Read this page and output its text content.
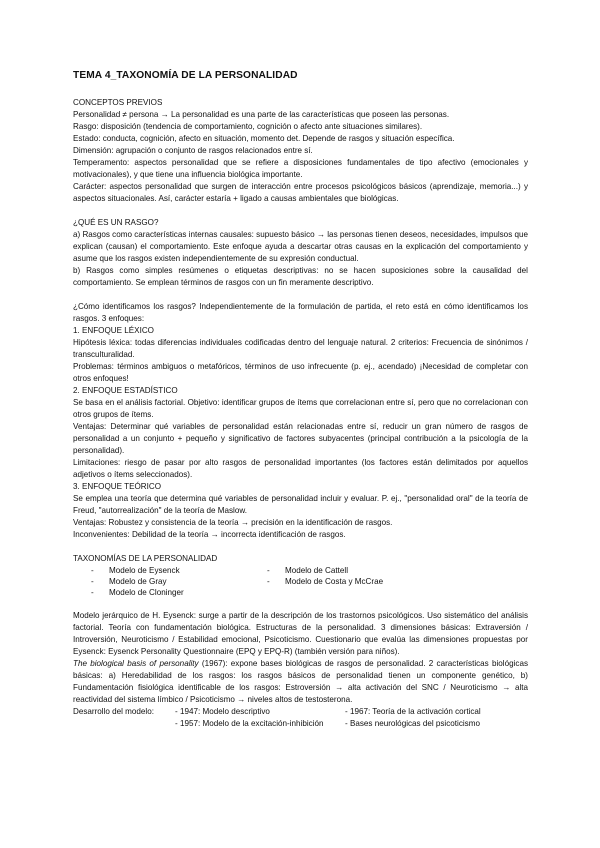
TEMA 4_TAXONOMÍA DE LA PERSONALIDAD

CONCEPTOS PREVIOS

Personalidad ≠ persona → La personalidad es una parte de las características que poseen las personas.

Rasgo: disposición (tendencia de comportamiento, cognición o afecto ante situaciones similares).

Estado: conducta, cognición, afecto en situación, momento det. Depende de rasgos y situación específica.

Dimensión: agrupación o conjunto de rasgos relacionados entre sí.

Temperamento: aspectos personalidad que se refiere a disposiciones fundamentales de tipo afectivo (emocionales y motivacionales), y que tiene una influencia biológica importante.

Carácter: aspectos personalidad que surgen de interacción entre procesos psicológicos básicos (aprendizaje, memoria...) y aspectos situacionales. Así, carácter estaría + ligado a causas ambientales que biológicas.

¿QUÉ ES UN RASGO?

a) Rasgos como características internas causales: supuesto básico → las personas tienen deseos, necesidades, impulsos que explican (causan) el comportamiento. Este enfoque ayuda a descartar otras causas en la explicación del comportamiento y asume que los rasgos existen independientemente de su expresión conductual.

b) Rasgos como simples resúmenes o etiquetas descriptivas: no se hacen suposiciones sobre la causalidad del comportamiento. Se emplean términos de rasgos con un fin meramente descriptivo.

¿Cómo identificamos los rasgos? Independientemente de la formulación de partida, el reto está en cómo identificamos los rasgos. 3 enfoques:

1. ENFOQUE LÉXICO

Hipótesis léxica: todas diferencias individuales codificadas dentro del lenguaje natural. 2 criterios: Frecuencia de sinónimos / transculturalidad.

Problemas: términos ambiguos o metafóricos, términos de uso infrecuente (p. ej., acendado) ¡Necesidad de completar con otros enfoques!

2. ENFOQUE ESTADÍSTICO

Se basa en el análisis factorial. Objetivo: identificar grupos de ítems que correlacionan entre sí, pero que no correlacionan con otros grupos de ítems.

Ventajas: Determinar qué variables de personalidad están relacionadas entre sí, reducir un gran número de rasgos de personalidad a un conjunto + pequeño y significativo de factores subyacentes (principal contribución a la psicología de la personalidad).

Limitaciones: riesgo de pasar por alto rasgos de personalidad importantes (los factores están delimitados por aquellos adjetivos o ítems seleccionados).

3. ENFOQUE TEÓRICO

Se emplea una teoría que determina qué variables de personalidad incluir y evaluar. P. ej., "personalidad oral" de la teoría de Freud, "autorrealización" de la teoría de Maslow.

Ventajas: Robustez y consistencia de la teoría → precisión en la identificación de rasgos.

Inconvenientes: Debilidad de la teoría → incorrecta identificación de rasgos.

TAXONOMÍAS DE LA PERSONALIDAD

- Modelo de Eysenck	- Modelo de Cattell
- Modelo de Gray	- Modelo de Costa y McCrae
- Modelo de Cloninger

Modelo jerárquico de H. Eysenck: surge a partir de la descripción de los trastornos psicológicos. Uso sistemático del análisis factorial. Teoría con fundamentación biológica. Estructuras de la personalidad. 3 dimensiones básicas: Extraversión / Introversión, Neuroticismo / Estabilidad emocional, Psicoticismo. Cuestionario que evalúa las dimensiones propuestas por Eysenck: Eysenck Personality Questionnaire (EPQ y EPQ-R) (también versión para niños).

The biological basis of personality (1967): expone bases biológicas de rasgos de personalidad. 2 características biológicas básicas: a) Heredabilidad de los rasgos: los rasgos básicos de personalidad tienen un componente genético, b) Fundamentación fisiológica identificable de los rasgos: Estroversión → alta activación del SNC / Neuroticismo → alta reactividad del sistema límbico / Psicoticismo → niveles altos de testosterona.

Desarrollo del modelo:	- 1947: Modelo descriptivo	- 1967: Teoría de la activación cortical
- 1957: Modelo de la excitación-inhibición	- Bases neurológicas del psicoticismo
